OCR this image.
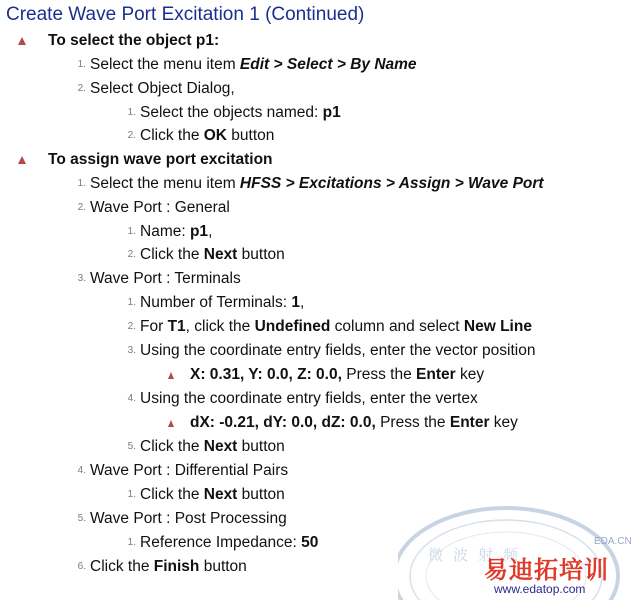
Create Wave Port Excitation 1 (Continued)
To select the object p1:
1. Select the menu item Edit > Select > By Name
2. Select Object Dialog,
1. Select the objects named: p1
2. Click the OK button
To assign wave port excitation
1. Select the menu item HFSS > Excitations > Assign > Wave Port
2. Wave Port : General
1. Name: p1,
2. Click the Next button
3. Wave Port : Terminals
1. Number of Terminals: 1,
2. For T1, click the Undefined column and select New Line
3. Using the coordinate entry fields, enter the vector position
X: 0.31, Y: 0.0, Z: 0.0, Press the Enter key
4. Using the coordinate entry fields, enter the vertex
dX: -0.21, dY: 0.0, dZ: 0.0, Press the Enter key
5. Click the Next button
4. Wave Port : Differential Pairs
1. Click the Next button
5. Wave Port : Post Processing
1. Reference Impedance: 50
6. Click the Finish button
EDA.CN
微波射频
易迪拓培训
www.edatop.com
